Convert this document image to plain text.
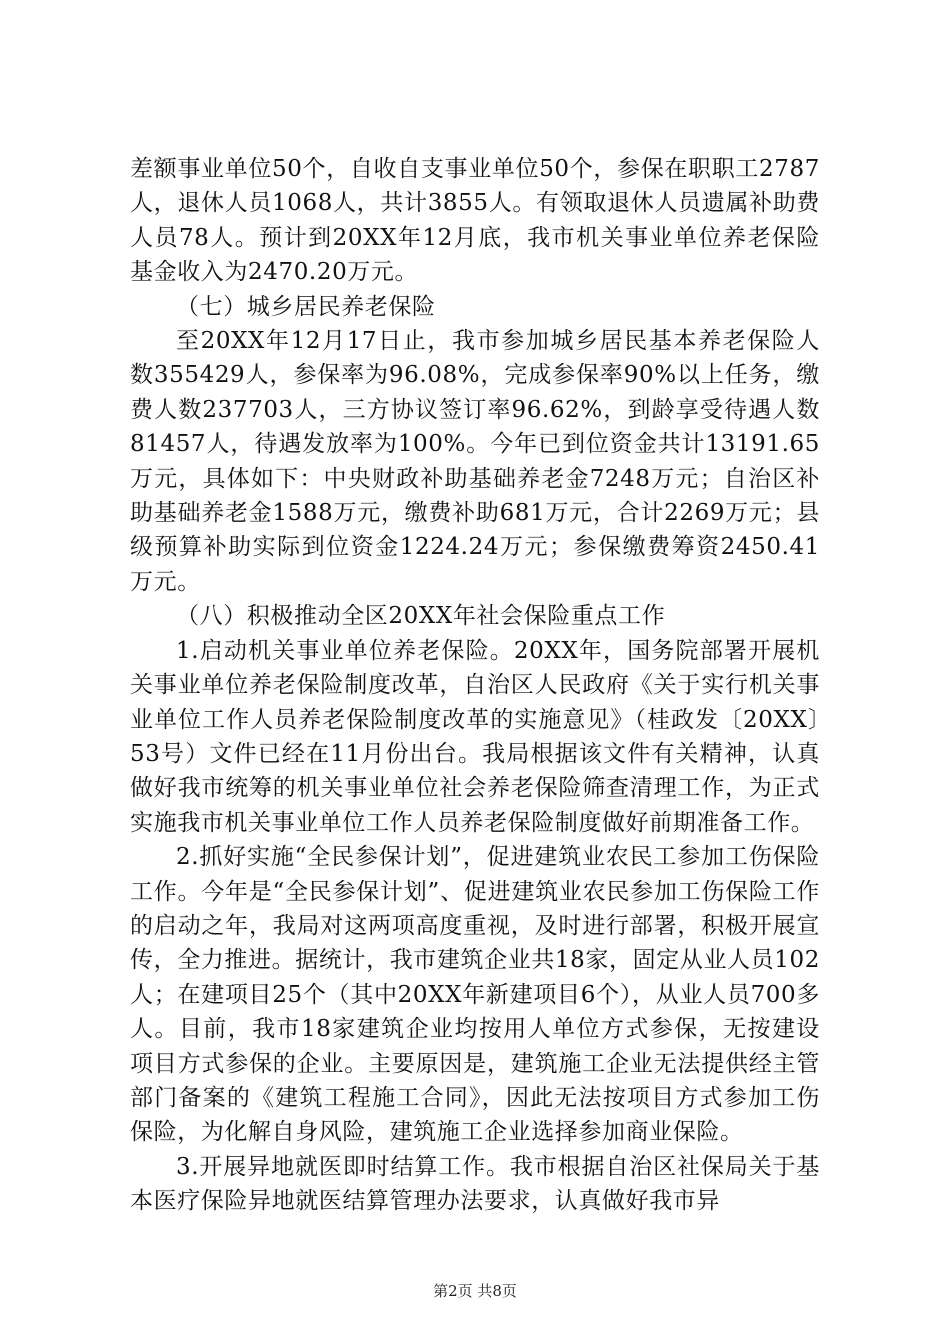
差额事业单位50个，自收自支事业单位50个，参保在职职工2787人，退休人员1068人，共计3855人。有领取退休人员遗属补助费人员78人。预计到20XX年12月底，我市机关事业单位养老保险基金收入为2470.20万元。

（七）城乡居民养老保险

至20XX年12月17日止，我市参加城乡居民基本养老保险人数355429人，参保率为96.08%，完成参保率90%以上任务，缴费人数237703人，三方协议签订率96.62%，到龄享受待遇人数81457人，待遇发放率为100%。今年已到位资金共计13191.65万元，具体如下：中央财政补助基础养老金7248万元；自治区补助基础养老金1588万元，缴费补助681万元，合计2269万元；县级预算补助实际到位资金1224.24万元；参保缴费筹资2450.41万元。

（八）积极推动全区20XX年社会保险重点工作

1.启动机关事业单位养老保险。20XX年，国务院部署开展机关事业单位养老保险制度改革，自治区人民政府《关于实行机关事业单位工作人员养老保险制度改革的实施意见》（桂政发〔20XX〕53号）文件已经在11月份出台。我局根据该文件有关精神，认真做好我市统筹的机关事业单位社会养老保险筛查清理工作，为正式实施我市机关事业单位工作人员养老保险制度做好前期准备工作。

2.抓好实施“全民参保计划”，促进建筑业农民工参加工伤保险工作。今年是“全民参保计划”、促进建筑业农民参加工伤保险工作的启动之年，我局对这两项高度重视，及时进行部署，积极开展宣传，全力推进。据统计，我市建筑企业共18家，固定从业人员102人；在建项目25个（其中20XX年新建项目6个），从业人员700多人。目前，我市18家建筑企业均按用人单位方式参保，无按建设项目方式参保的企业。主要原因是，建筑施工企业无法提供经主管部门备案的《建筑工程施工合同》，因此无法按项目方式参加工伤保险，为化解自身风险，建筑施工企业选择参加商业保险。

3.开展异地就医即时结算工作。我市根据自治区社保局关于基本医疗保险异地就医结算管理办法要求，认真做好我市异

第2页 共8页
